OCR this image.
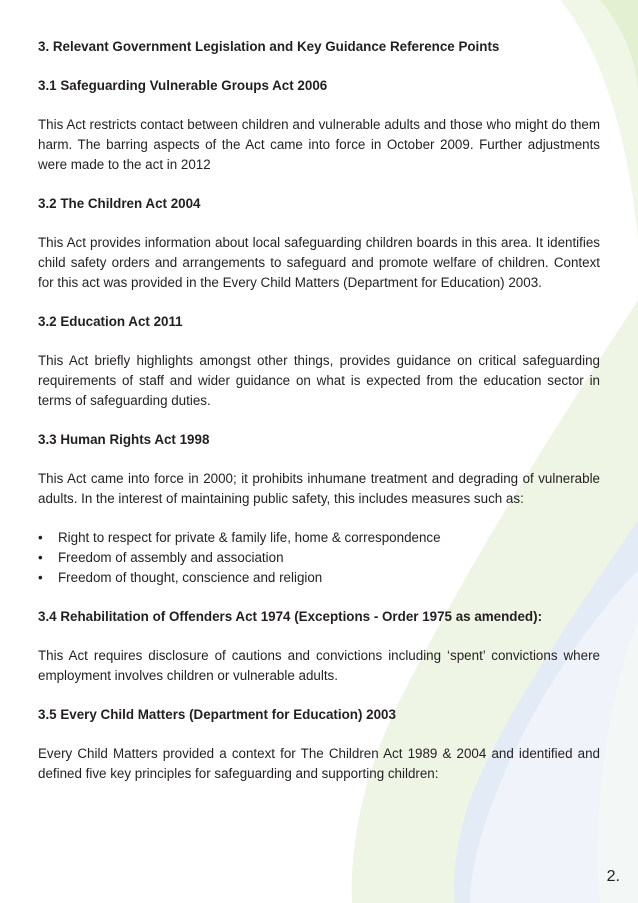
3. Relevant Government Legislation and Key Guidance Reference Points

3.1 Safeguarding Vulnerable Groups Act 2006

This Act restricts contact between children and vulnerable adults and those who might do them harm. The barring aspects of the Act came into force in October 2009. Further adjustments were made to the act in 2012

3.2 The Children Act 2004

This Act provides information about local safeguarding children boards in this area. It identifies child safety orders and arrangements to safeguard and promote welfare of children. Context for this act was provided in the Every Child Matters (Department for Education) 2003.

3.2 Education Act 2011

This Act briefly highlights amongst other things, provides guidance on critical safeguarding requirements of staff and wider guidance on what is expected from the education sector in terms of safeguarding duties.

3.3 Human Rights Act 1998

This Act came into force in 2000; it prohibits inhumane treatment and degrading of vulnerable adults. In the interest of maintaining public safety, this includes measures such as:

• Right to respect for private & family life, home & correspondence
• Freedom of assembly and association
• Freedom of thought, conscience and religion

3.4 Rehabilitation of Offenders Act 1974 (Exceptions - Order 1975 as amended):

This Act requires disclosure of cautions and convictions including ‘spent’ convictions where employment involves children or vulnerable adults.

3.5 Every Child Matters (Department for Education) 2003

Every Child Matters provided a context for The Children Act 1989 & 2004 and identified and defined five key principles for safeguarding and supporting children:

2.
